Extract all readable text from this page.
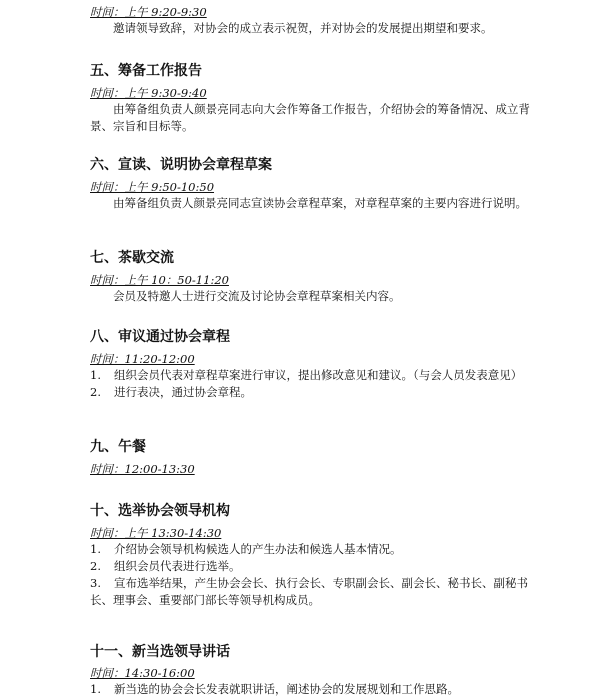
时间：上午 9:20-9:30

邀请领导致辞，对协会的成立表示祝贺，并对协会的发展提出期望和要求。

五、筹备工作报告
时间：上午 9:30-9:40

由筹备组负责人颜景亮同志向大会作筹备工作报告，介绍协会的筹备情况、成立背景、宗旨和目标等。

六、宣读、说明协会章程草案
时间：上午 9:50-10:50

由筹备组负责人颜景亮同志宣读协会章程草案，对章程草案的主要内容进行说明。

七、茶歇交流
时间：上午 10：50-11:20

会员及特邀人士进行交流及讨论协会章程草案相关内容。

八、审议通过协会章程
时间：11:20-12:00
1. 组织会员代表对章程草案进行审议，提出修改意见和建议。（与会人员发表意见）
2.	进行表决，通过协会章程。
九、午餐
时间：12:00-13:30
十、选举协会领导机构
时间：上午 13:30-14:30
1.	介绍协会领导机构候选人的产生办法和候选人基本情况。
2.	组织会员代表进行选举。
3. 宣布选举结果，产生协会会长、执行会长、专职副会长、副会长、秘书长、副秘书长、理事会、重要部门部长等领导机构成员。
十一、新当选领导讲话
时间：14:30-16:00
1.	新当选的协会会长发表就职讲话，阐述协会的发展规划和工作思路。
